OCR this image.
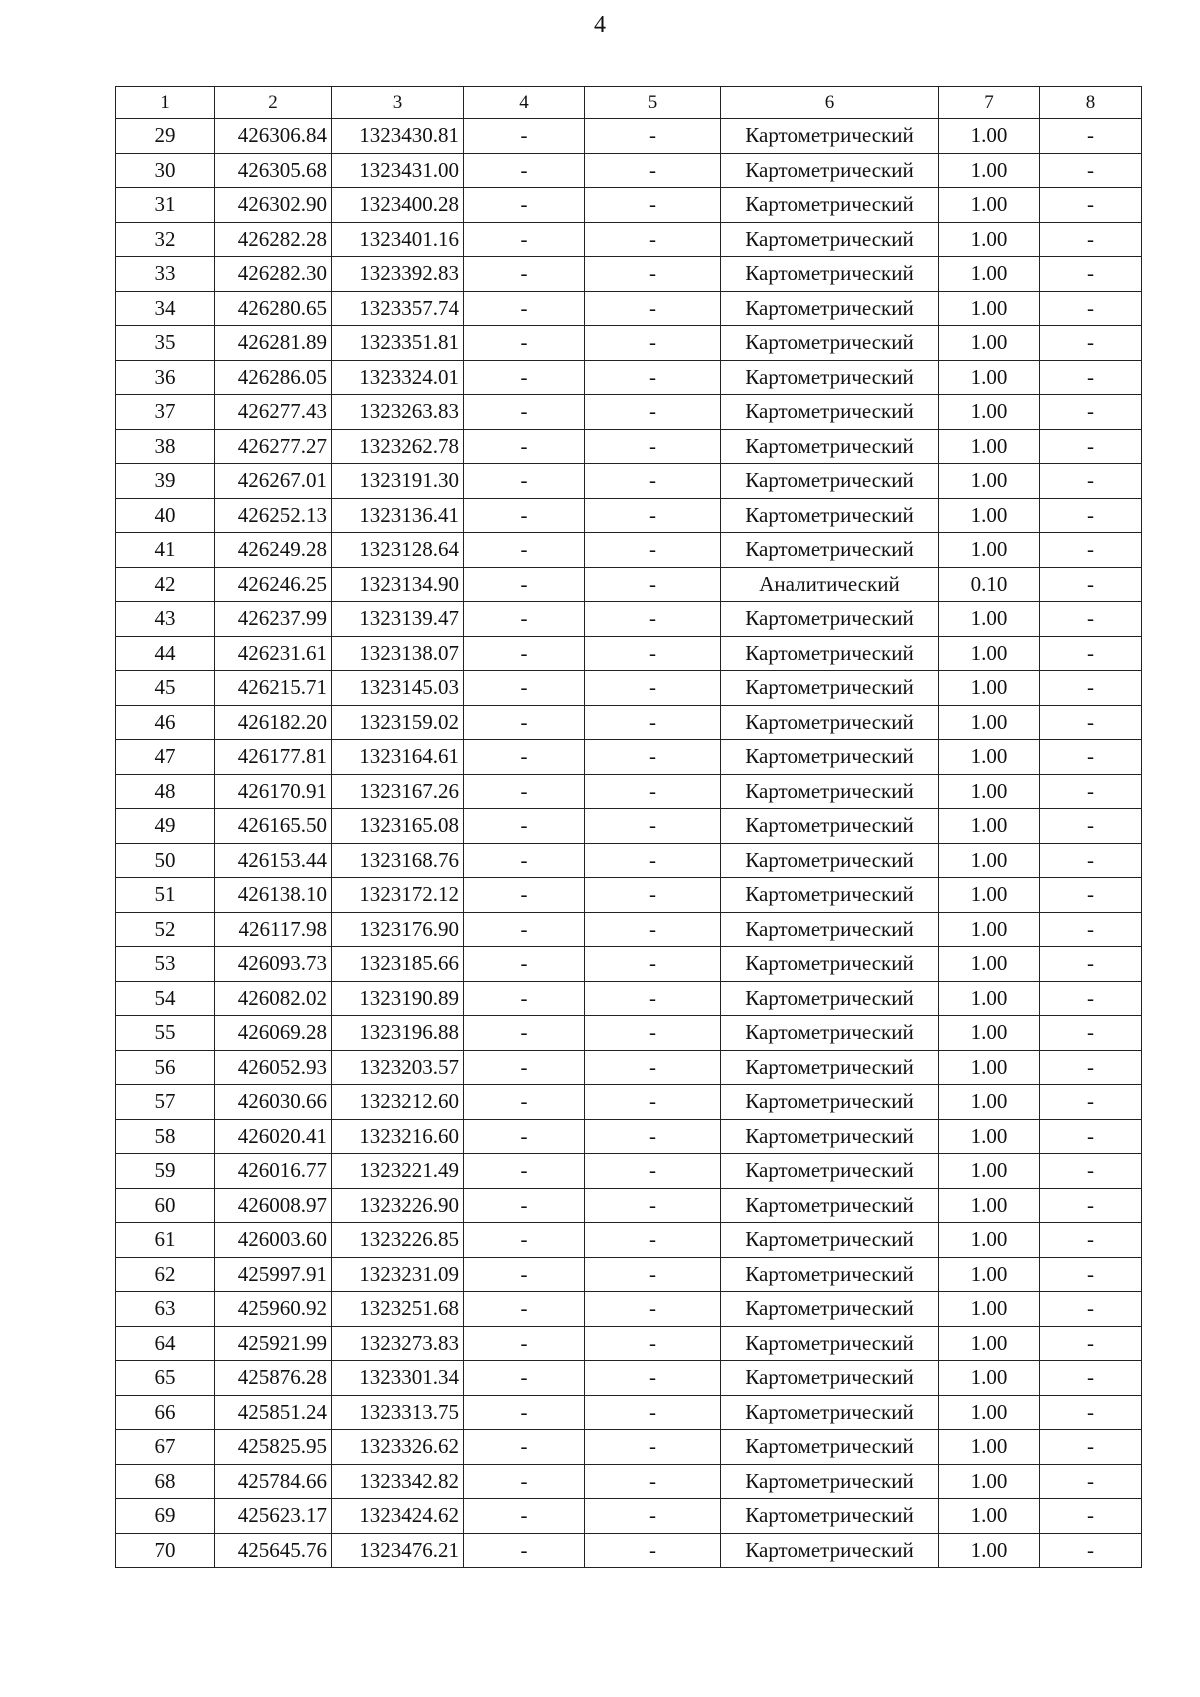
4
1	2	3	4	5	6	7	8
29	426306.84	1323430.81	-	-	Картометрический	1.00	-
30	426305.68	1323431.00	-	-	Картометрический	1.00	-
31	426302.90	1323400.28	-	-	Картометрический	1.00	-
32	426282.28	1323401.16	-	-	Картометрический	1.00	-
33	426282.30	1323392.83	-	-	Картометрический	1.00	-
34	426280.65	1323357.74	-	-	Картометрический	1.00	-
35	426281.89	1323351.81	-	-	Картометрический	1.00	-
36	426286.05	1323324.01	-	-	Картометрический	1.00	-
37	426277.43	1323263.83	-	-	Картометрический	1.00	-
38	426277.27	1323262.78	-	-	Картометрический	1.00	-
39	426267.01	1323191.30	-	-	Картометрический	1.00	-
40	426252.13	1323136.41	-	-	Картометрический	1.00	-
41	426249.28	1323128.64	-	-	Картометрический	1.00	-
42	426246.25	1323134.90	-	-	Аналитический	0.10	-
43	426237.99	1323139.47	-	-	Картометрический	1.00	-
44	426231.61	1323138.07	-	-	Картометрический	1.00	-
45	426215.71	1323145.03	-	-	Картометрический	1.00	-
46	426182.20	1323159.02	-	-	Картометрический	1.00	-
47	426177.81	1323164.61	-	-	Картометрический	1.00	-
48	426170.91	1323167.26	-	-	Картометрический	1.00	-
49	426165.50	1323165.08	-	-	Картометрический	1.00	-
50	426153.44	1323168.76	-	-	Картометрический	1.00	-
51	426138.10	1323172.12	-	-	Картометрический	1.00	-
52	426117.98	1323176.90	-	-	Картометрический	1.00	-
53	426093.73	1323185.66	-	-	Картометрический	1.00	-
54	426082.02	1323190.89	-	-	Картометрический	1.00	-
55	426069.28	1323196.88	-	-	Картометрический	1.00	-
56	426052.93	1323203.57	-	-	Картометрический	1.00	-
57	426030.66	1323212.60	-	-	Картометрический	1.00	-
58	426020.41	1323216.60	-	-	Картометрический	1.00	-
59	426016.77	1323221.49	-	-	Картометрический	1.00	-
60	426008.97	1323226.90	-	-	Картометрический	1.00	-
61	426003.60	1323226.85	-	-	Картометрический	1.00	-
62	425997.91	1323231.09	-	-	Картометрический	1.00	-
63	425960.92	1323251.68	-	-	Картометрический	1.00	-
64	425921.99	1323273.83	-	-	Картометрический	1.00	-
65	425876.28	1323301.34	-	-	Картометрический	1.00	-
66	425851.24	1323313.75	-	-	Картометрический	1.00	-
67	425825.95	1323326.62	-	-	Картометрический	1.00	-
68	425784.66	1323342.82	-	-	Картометрический	1.00	-
69	425623.17	1323424.62	-	-	Картометрический	1.00	-
70	425645.76	1323476.21	-	-	Картометрический	1.00	-
